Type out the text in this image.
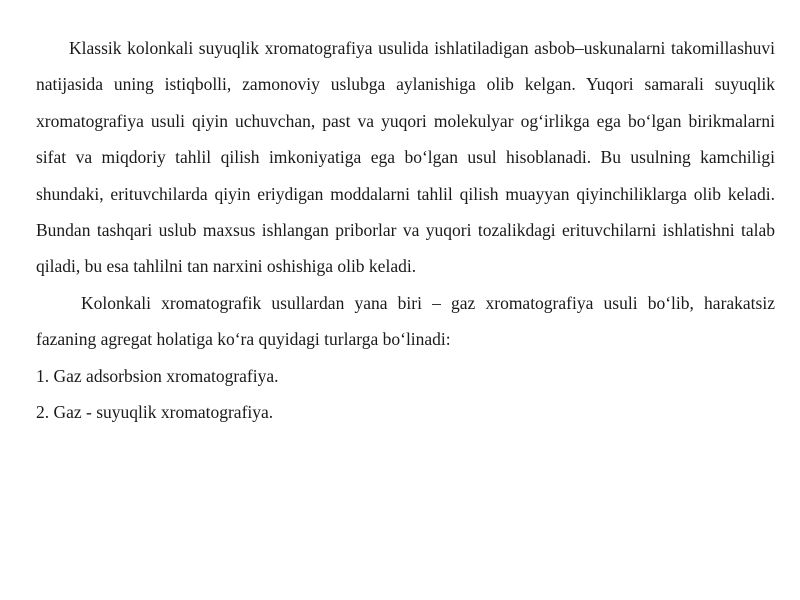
Klassik kolonkali suyuqlik xromatografiya usulida ishlatiladigan asbob–uskunalarni takomillashuvi natijasida uning istiqbolli, zamonoviy uslubga aylanishiga olib kelgan. Yuqori samarali suyuqlik xromatografiya usuli qiyin uchuvchan, past va yuqori molekulyar og‘irlikga ega bo‘lgan birikmalarni sifat va miqdoriy tahlil qilish imkoniyatiga ega bo‘lgan usul hisoblanadi. Bu usulning kamchiligi shundaki, erituvchilarda qiyin eriydigan moddalarni tahlil qilish muayyan qiyinchiliklarga olib keladi. Bundan tashqari uslub maxsus ishlangan priborlar va yuqori tozalikdagi erituvchilarni ishlatishni talab qiladi, bu esa tahlilni tan narxini oshishiga olib keladi.

Kolonkali xromatografik usullardan yana biri – gaz xromatografiya usuli bo‘lib, harakatsiz fazaning agregat holatiga ko‘ra quyidagi turlarga bo‘linadi:

1. Gaz adsorbsion xromatografiya.

2. Gaz - suyuqlik xromatografiya.
